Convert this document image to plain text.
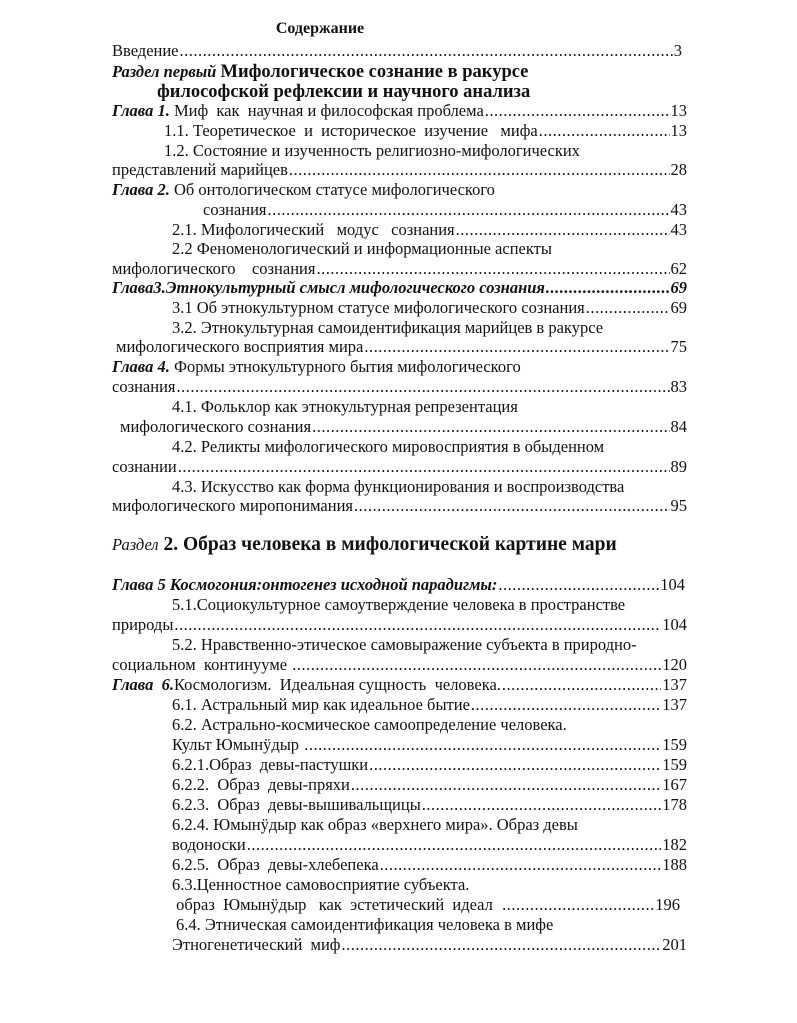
Содержание
Введение .....	3
Раздел первый Мифологическое сознание в ракурсе
философской рефлексии и научного анализа
Глава 1. Миф  как  научная и философская проблема .....	13
1.1. Теоретическое  и  историческое  изучение   мифа .....	13
1.2. Состояние и изученность религиозно-мифологических
представлений марийцев .....	28
Глава 2. Об онтологическом статусе мифологического
сознания .....	43
2.1. Мифологический   модус   сознания .....	43
2.2 Феноменологический и информационные аспекты
мифологического    сознания .....	62
Глава3.Этнокультурный смысл мифологического сознания .....	69
3.1 Об этнокультурном статусе мифологического сознания .....	69
3.2. Этнокультурная самоидентификация марийцев в ракурсе
мифологического восприятия мира .....	75
Глава 4. Формы этнокультурного бытия мифологического
сознания .....	83
4.1. Фольклор как этнокультурная репрезентация
мифологического сознания .....	84
4.2. Реликты мифологического мировосприятия в обыденном
сознании .....	89
4.3. Искусство как форма функционирования и воспроизводства
мифологического миропонимания .....	95
Раздел 2. Образ человека в мифологической картине мари
Глава 5 Космогония:онтогенез исходной парадигмы: .....	104
5.1.Социокультурное самоутверждение человека в пространстве
природы .....	104
5.2. Нравственно-этическое самовыражение субъекта в природно-
социальном  континууме .....	120
Глава  6.Космологизм.  Идеальная сущность  человека. .....	137
6.1. Астральный мир как идеальное бытие .....	137
6.2. Астрально-космическое самоопределение человека.
Культ Юмынӱдыр .....	159
6.2.1.Образ  девы-пастушки .....	159
6.2.2.  Образ  девы-пряхи .....	167
6.2.3.  Образ  девы-вышивальщицы .....	178
6.2.4. Юмынӱдыр как образ «верхнего мира». Образ девы
водоноски .....	182
6.2.5.  Образ  девы-хлебепека .....	188
6.3.Ценностное самовосприятие субъекта.
образ  Юмынӱдыр   как  эстетический  идеал .....	196
6.4. Этническая самоидентификация человека в мифе
Этногенетический  миф .....	201
